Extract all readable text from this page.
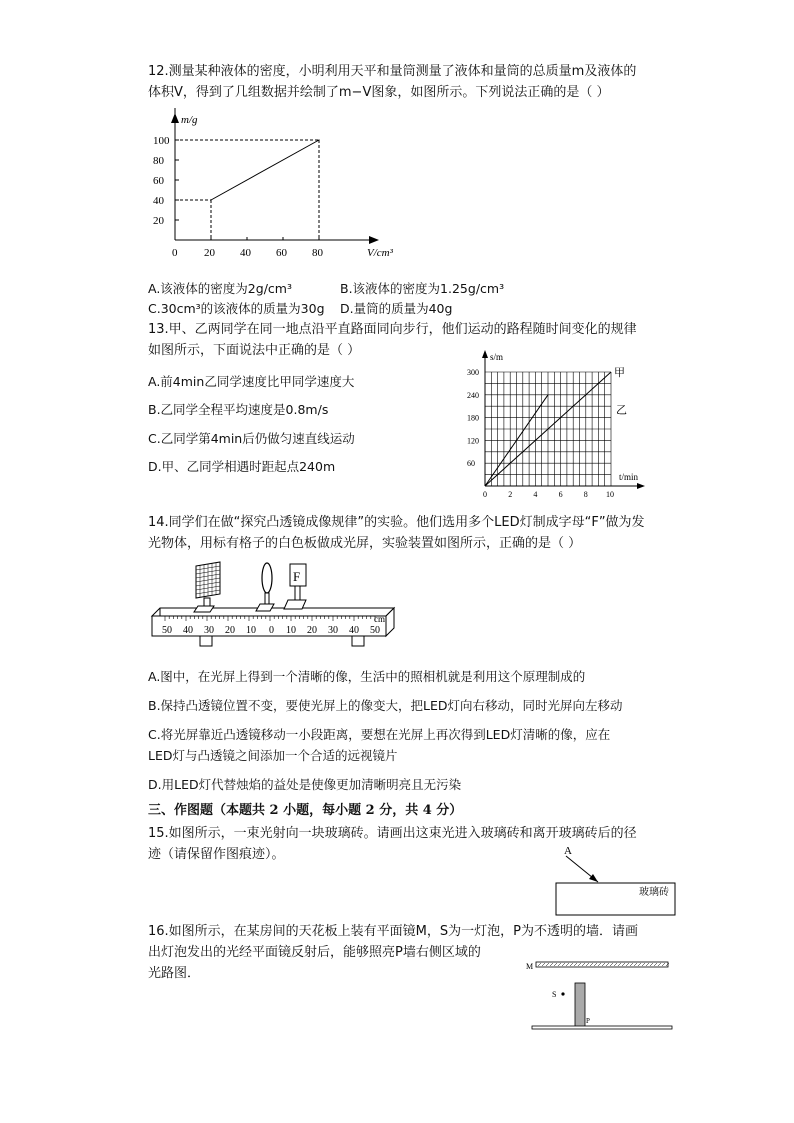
12.测量某种液体的密度，小明利用天平和量筒测量了液体和量筒的总质量m及液体的
体积V，得到了几组数据并绘制了m−V图象，如图所示。下列说法正确的是（ ）
20
40
60
80
100
0 20 40 60 80
m/g
V/cm³
A.该液体的密度为2g/cm³	B.该液体的密度为1.25g/cm³
C.30cm³的该液体的质量为30g D.量筒的质量为40g
13.甲、乙两同学在同一地点沿平直路面同向步行，他们运动的路程随时间变化的规律
如图所示，下面说法中正确的是（ ）
A.前4min乙同学速度比甲同学速度大
B.乙同学全程平均速度是0.8m/s
C.乙同学第4min后仍做匀速直线运动
D.甲、乙同学相遇时距起点240m	60
120
180
240
300
0	2	4	6	8 10
s/m
t/min
甲
乙
14.同学们在做“探究凸透镜成像规律”的实验。他们选用多个LED灯制成字母“F”做为发
光物体，用标有格子的白色板做成光屏，实验装置如图所示，正确的是（ ）
50 40 30 20 10 0 10 20 30 40 50
cm
F
A.图中，在光屏上得到一个清晰的像，生活中的照相机就是利用这个原理制成的
B.保持凸透镜位置不变，要使光屏上的像变大，把LED灯向右移动，同时光屏向左移动
C.将光屏靠近凸透镜移动一小段距离，要想在光屏上再次得到LED灯清晰的像，应在
LED灯与凸透镜之间添加一个合适的远视镜片
D.用LED灯代替烛焰的益处是使像更加清晰明亮且无污染
三、作图题（本题共 2 小题，每小题 2 分，共 4 分）
15.如图所示，一束光射向一块玻璃砖。请画出这束光进入玻璃砖和离开玻璃砖后的径
迹（请保留作图痕迹）。	A
玻璃砖
16.如图所示，在某房间的天花板上装有平面镜M，S为一灯泡，P为不透明的墙．请画
出灯泡发出的光经平面镜反射后，能够照亮P墙右侧区域的
光路图．	M
S
P
